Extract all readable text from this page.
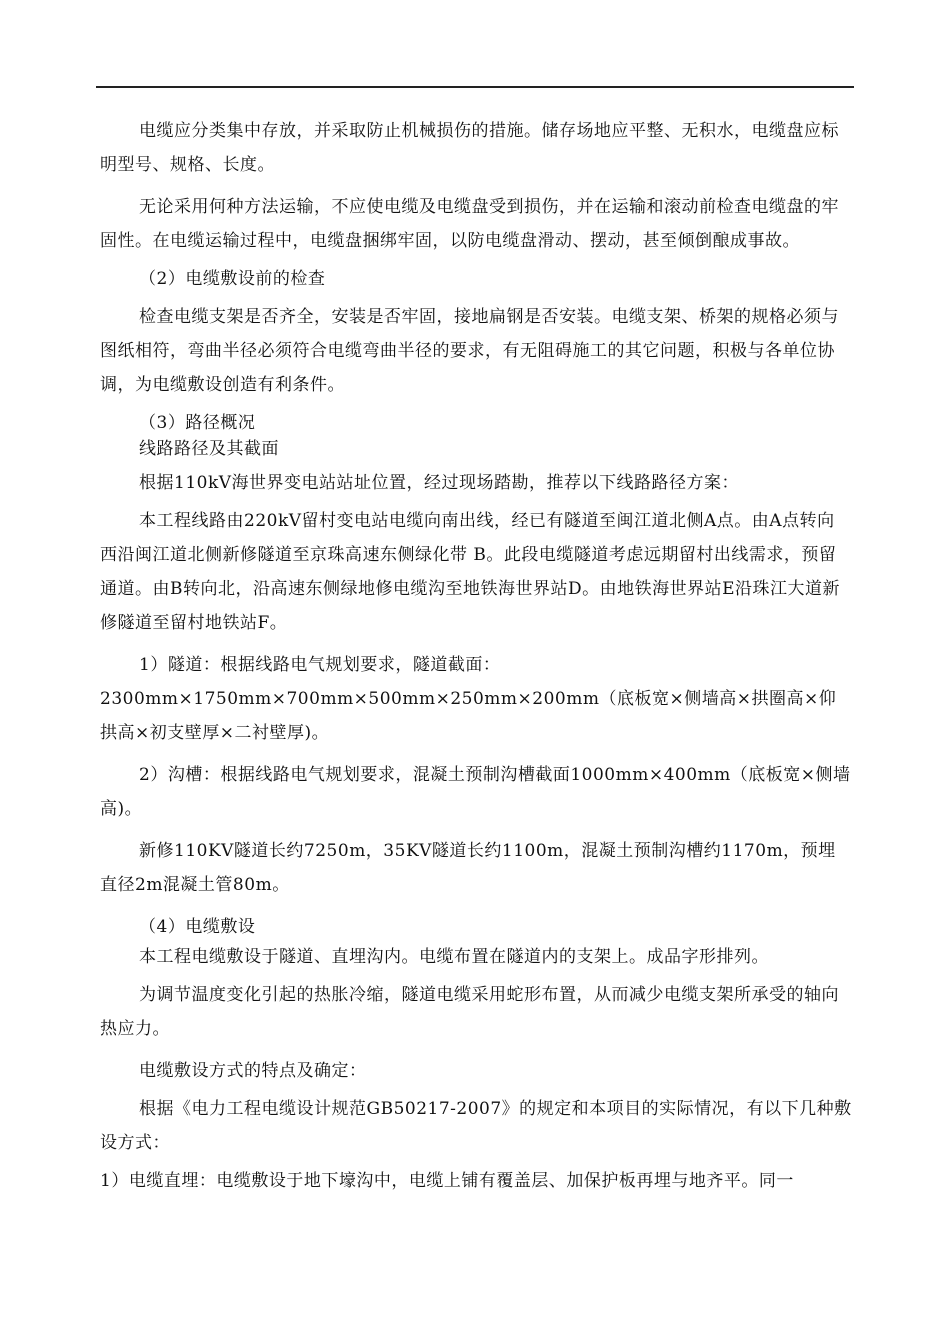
电缆应分类集中存放，并采取防止机械损伤的措施。储存场地应平整、无积水，电缆盘应标明型号、规格、长度。

无论采用何种方法运输，不应使电缆及电缆盘受到损伤，并在运输和滚动前检查电缆盘的牢固性。在电缆运输过程中，电缆盘捆绑牢固，以防电缆盘滑动、摆动，甚至倾倒酿成事故。

（2）电缆敷设前的检查

检查电缆支架是否齐全，安装是否牢固，接地扁钢是否安装。电缆支架、桥架的规格必须与图纸相符，弯曲半径必须符合电缆弯曲半径的要求，有无阻碍施工的其它问题，积极与各单位协调，为电缆敷设创造有利条件。

（3）路径概况

线路路径及其截面

根据110kV海世界变电站站址位置，经过现场踏勘，推荐以下线路路径方案：

本工程线路由220kV留村变电站电缆向南出线，经已有隧道至闽江道北侧A点。由A点转向西沿闽江道北侧新修隧道至京珠高速东侧绿化带 B。此段电缆隧道考虑远期留村出线需求，预留通道。由B转向北，沿高速东侧绿地修电缆沟至地铁海世界站D。由地铁海世界站E沿珠江大道新修隧道至留村地铁站F。

1）隧道：根据线路电气规划要求，隧道截面：2300mm×1750mm×700mm×500mm×250mm×200mm（底板宽×侧墙高×拱圈高×仰拱高×初支壁厚×二衬壁厚)。

2）沟槽：根据线路电气规划要求，混凝土预制沟槽截面1000mm×400mm（底板宽×侧墙高)。

新修110KV隧道长约7250m，35KV隧道长约1100m，混凝土预制沟槽约1170m，预埋直径2m混凝土管80m。

（4）电缆敷设

本工程电缆敷设于隧道、直埋沟内。电缆布置在隧道内的支架上。成品字形排列。

为调节温度变化引起的热胀冷缩，隧道电缆采用蛇形布置，从而减少电缆支架所承受的轴向热应力。

电缆敷设方式的特点及确定：

根据《电力工程电缆设计规范GB50217-2007》的规定和本项目的实际情况，有以下几种敷设方式：

1）电缆直埋：电缆敷设于地下壕沟中，电缆上铺有覆盖层、加保护板再埋与地齐平。同一
